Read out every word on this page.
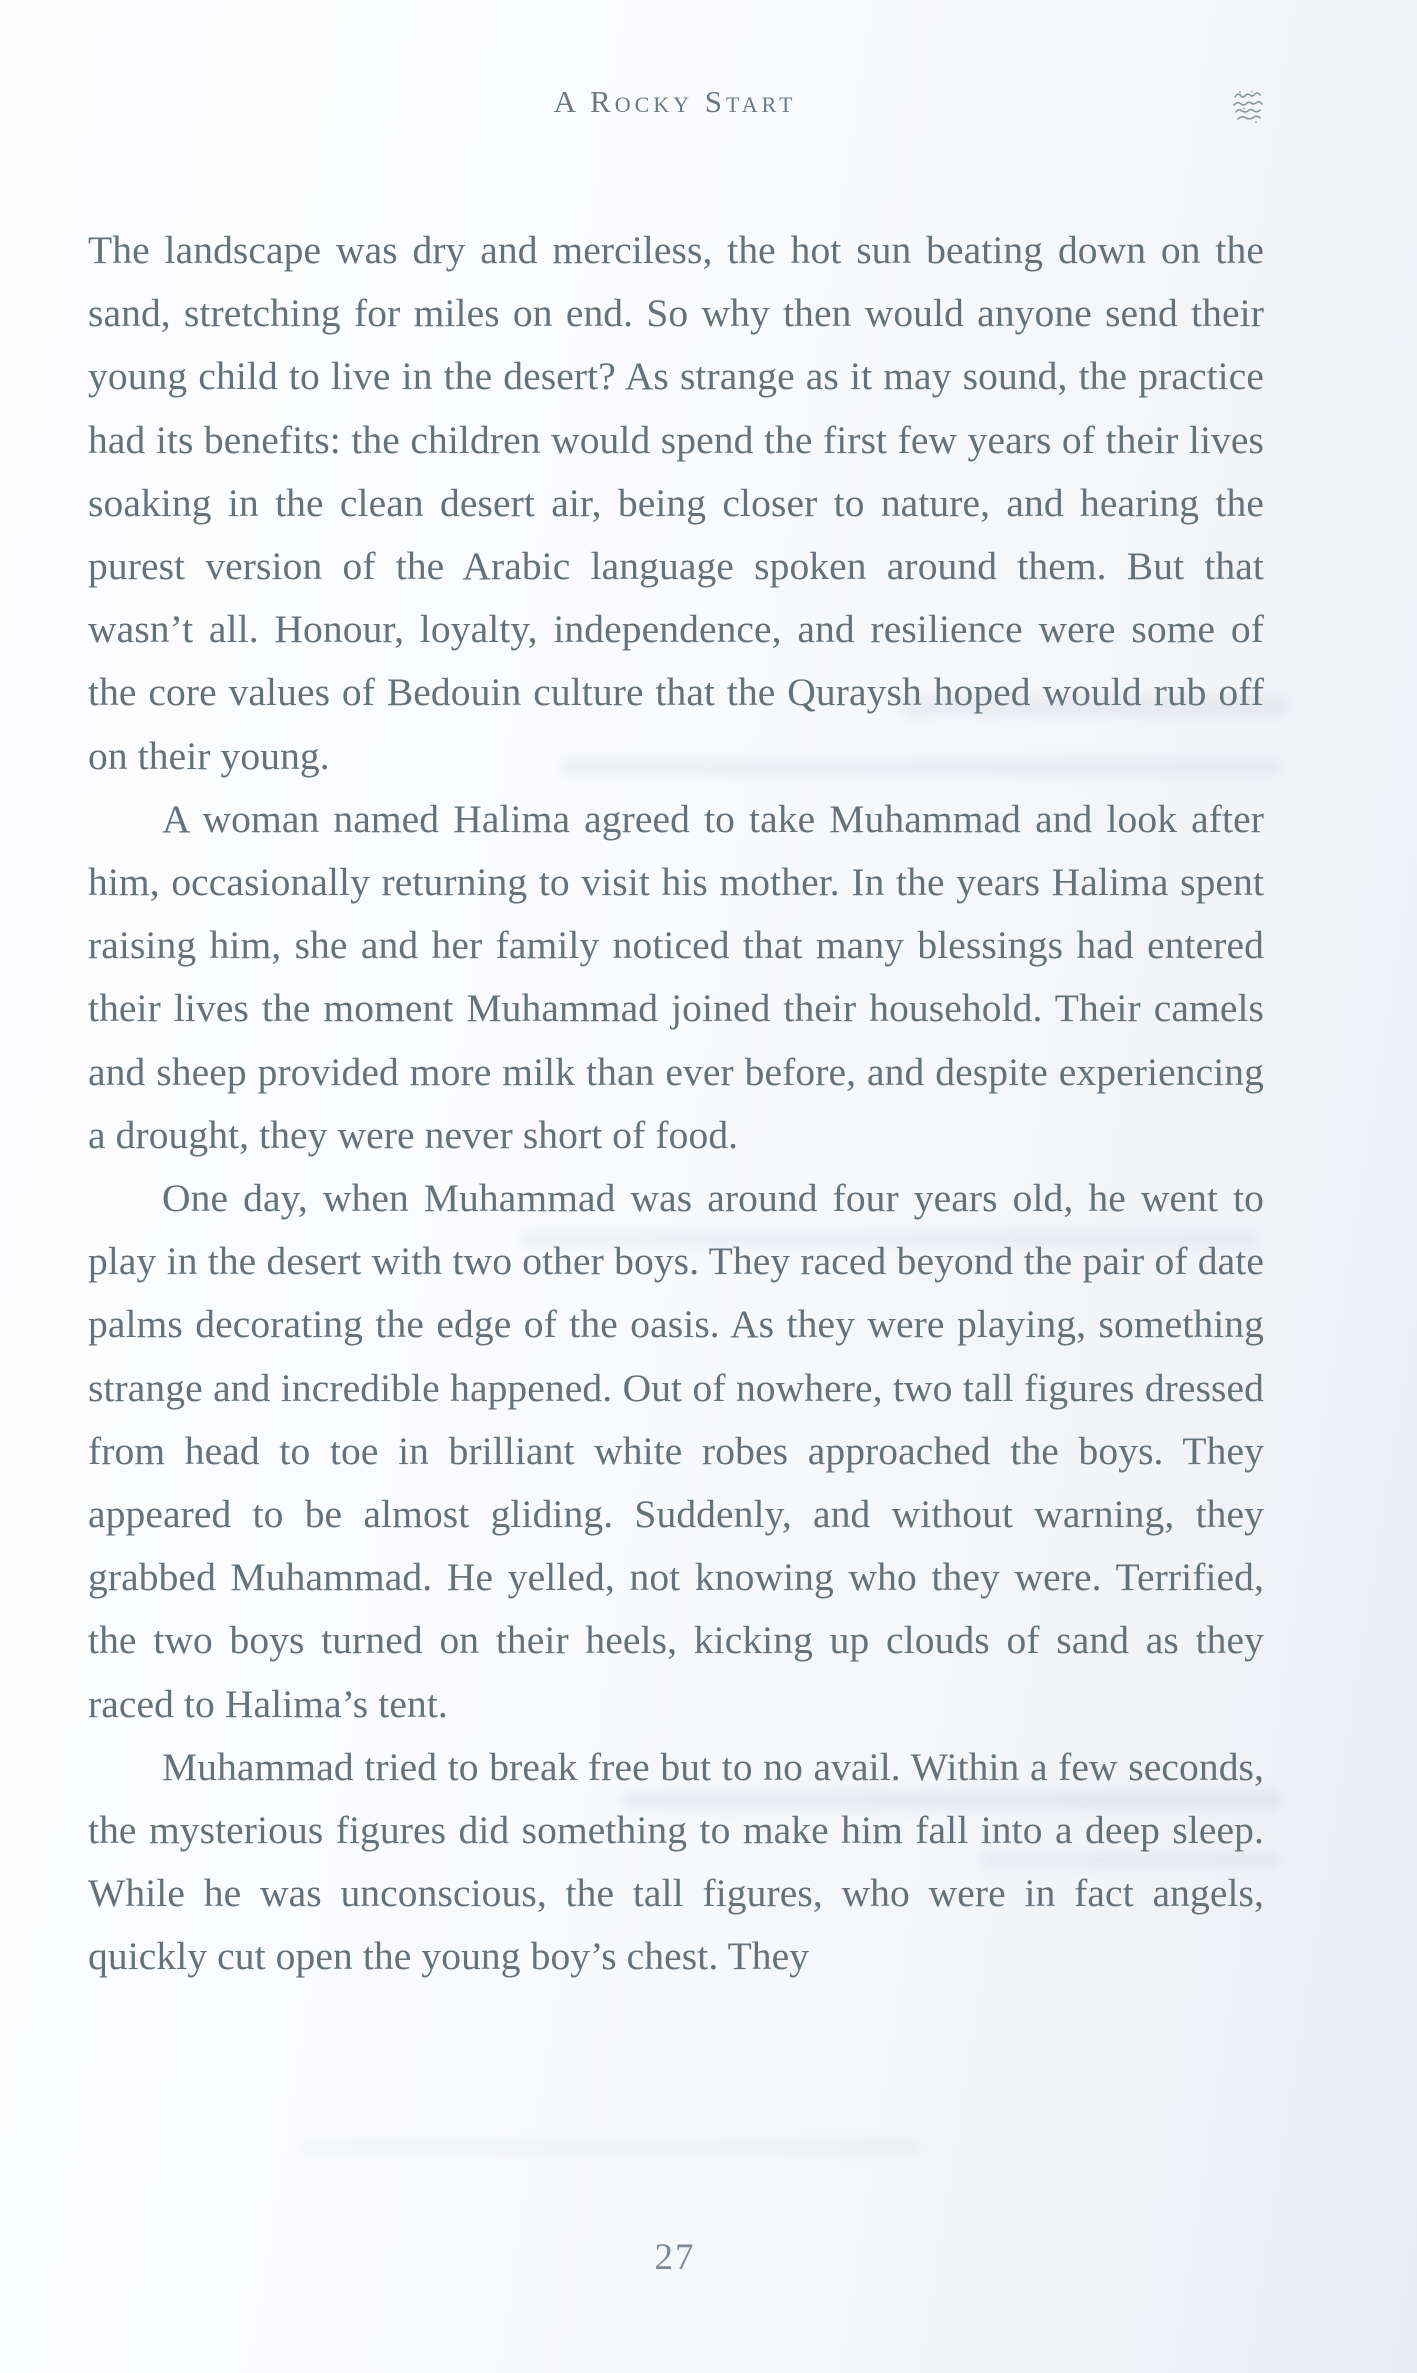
A Rocky Start

The landscape was dry and merciless, the hot sun beating down on the sand, stretching for miles on end. So why then would anyone send their young child to live in the desert? As strange as it may sound, the practice had its benefits: the children would spend the first few years of their lives soaking in the clean desert air, being closer to nature, and hearing the purest version of the Arabic language spoken around them. But that wasn’t all. Honour, loyalty, independence, and resilience were some of the core values of Bedouin culture that the Quraysh hoped would rub off on their young.

A woman named Halima agreed to take Muhammad and look after him, occasionally returning to visit his mother. In the years Halima spent raising him, she and her family noticed that many blessings had entered their lives the moment Muhammad joined their household. Their camels and sheep provided more milk than ever before, and despite experiencing a drought, they were never short of food.

One day, when Muhammad was around four years old, he went to play in the desert with two other boys. They raced beyond the pair of date palms decorating the edge of the oasis. As they were playing, something strange and incredible happened. Out of nowhere, two tall figures dressed from head to toe in brilliant white robes approached the boys. They appeared to be almost gliding. Suddenly, and without warning, they grabbed Muhammad. He yelled, not knowing who they were. Terrified, the two boys turned on their heels, kicking up clouds of sand as they raced to Halima’s tent.

Muhammad tried to break free but to no avail. Within a few seconds, the mysterious figures did something to make him fall into a deep sleep. While he was unconscious, the tall figures, who were in fact angels, quickly cut open the young boy’s chest. They

27
